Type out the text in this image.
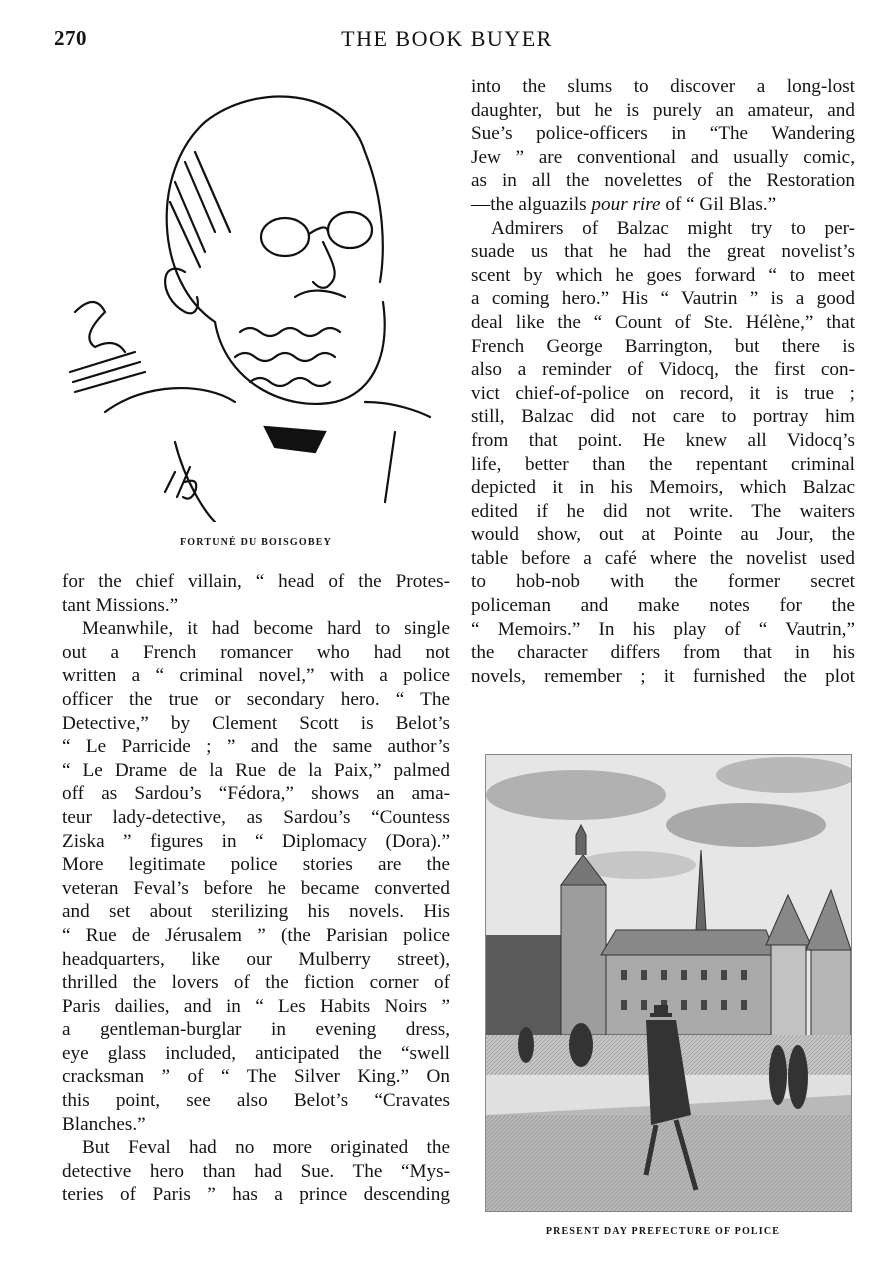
270	THE BOOK BUYER
FORTUNÉ DU BOISGOBEY
into the slums to discover a long-lost
daughter, but he is purely an amateur, and
Sue’s police-officers in “The Wandering
Jew ” are conventional and usually comic,
as in all the novelettes of the Restoration
—the alguazils pour rire of “ Gil Blas.”
Admirers of Balzac might try to per-
suade us that he had the great novelist’s
scent by which he goes forward “ to meet
a coming hero.” His “ Vautrin ” is a good
deal like the “ Count of Ste. Hélène,” that
French George Barrington, but there is
also a reminder of Vidocq, the first con-
vict chief-of-police on record, it is true ;
still, Balzac did not care to portray him
from that point. He knew all Vidocq’s
life, better than the repentant criminal
depicted it in his Memoirs, which Balzac
edited if he did not write. The waiters
would show, out at Pointe au Jour, the
table before a café where the novelist used
to hob-nob with the former secret
policeman and make notes for the
“ Memoirs.” In his play of “ Vautrin,”
the character differs from that in his
novels, remember ; it furnished the plot
for the chief villain, “ head of the Protes-
tant Missions.”
Meanwhile, it had become hard to single
out a French romancer who had not
written a “ criminal novel,” with a police
officer the true or secondary hero. “ The
Detective,” by Clement Scott is Belot’s
“ Le Parricide ; ” and the same author’s
“ Le Drame de la Rue de la Paix,” palmed
off as Sardou’s “Fédora,” shows an ama-
teur lady-detective, as Sardou’s “Countess
Ziska ” figures in “ Diplomacy (Dora).”
More legitimate police stories are the
veteran Feval’s before he became converted
and set about sterilizing his novels. His
“ Rue de Jérusalem ” (the Parisian police
headquarters, like our Mulberry street),
thrilled the lovers of the fiction corner of
Paris dailies, and in “ Les Habits Noirs ”
a gentleman-burglar in evening dress,
eye glass included, anticipated the “swell
cracksman ” of “ The Silver King.” On
this point, see also Belot’s “Cravates
Blanches.”
But Feval had no more originated the
detective hero than had Sue. The “Mys-
teries of Paris ” has a prince descending
PRESENT DAY PREFECTURE OF POLICE
